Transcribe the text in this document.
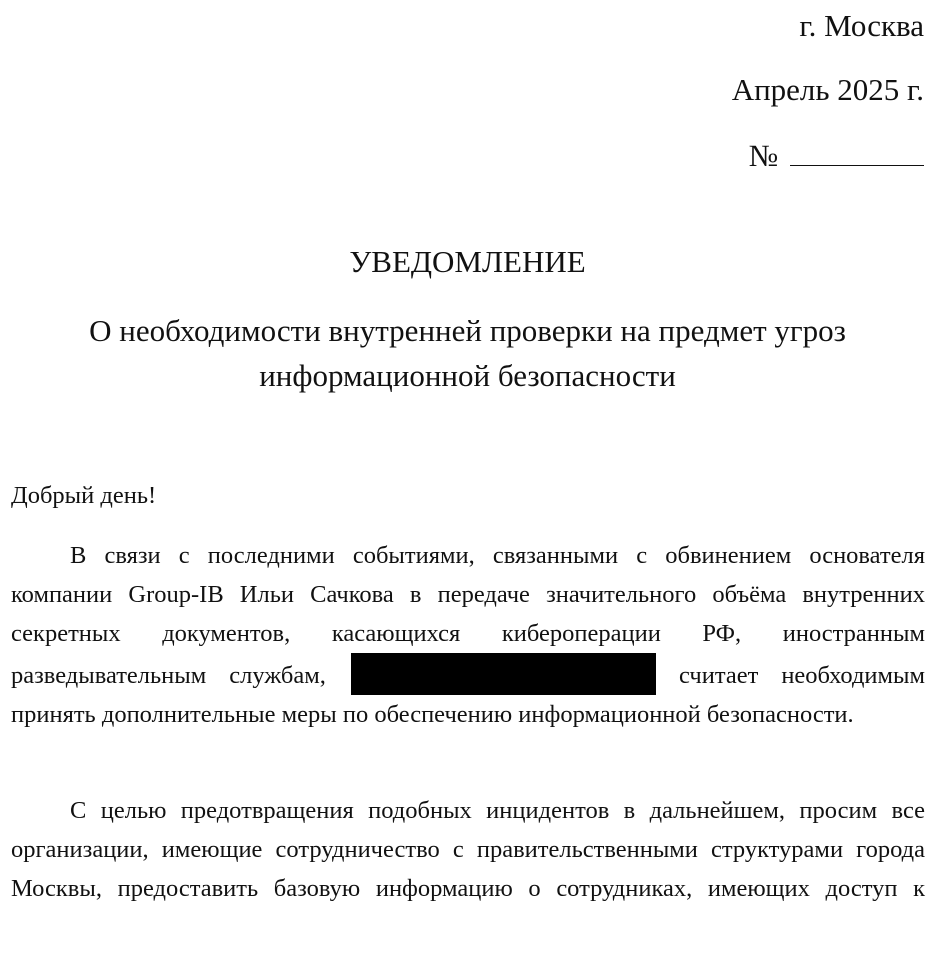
г. Москва
Апрель 2025 г.
№
УВЕДОМЛЕНИЕ
О необходимости внутренней проверки на предмет угроз информационной безопасности
Добрый день!
В связи с последними событиями, связанными с обвинением основателя компании Group-IB Ильи Сачкова в передаче значительного объёма внутренних секретных документов, касающихся кибероперации РФ, иностранным разведывательным службам,	считает необходимым принять дополнительные меры по обеспечению информационной безопасности.
С целью предотвращения подобных инцидентов в дальнейшем, просим все организации, имеющие сотрудничество с правительственными структурами города Москвы, предоставить базовую информацию о сотрудниках, имеющих доступ к
